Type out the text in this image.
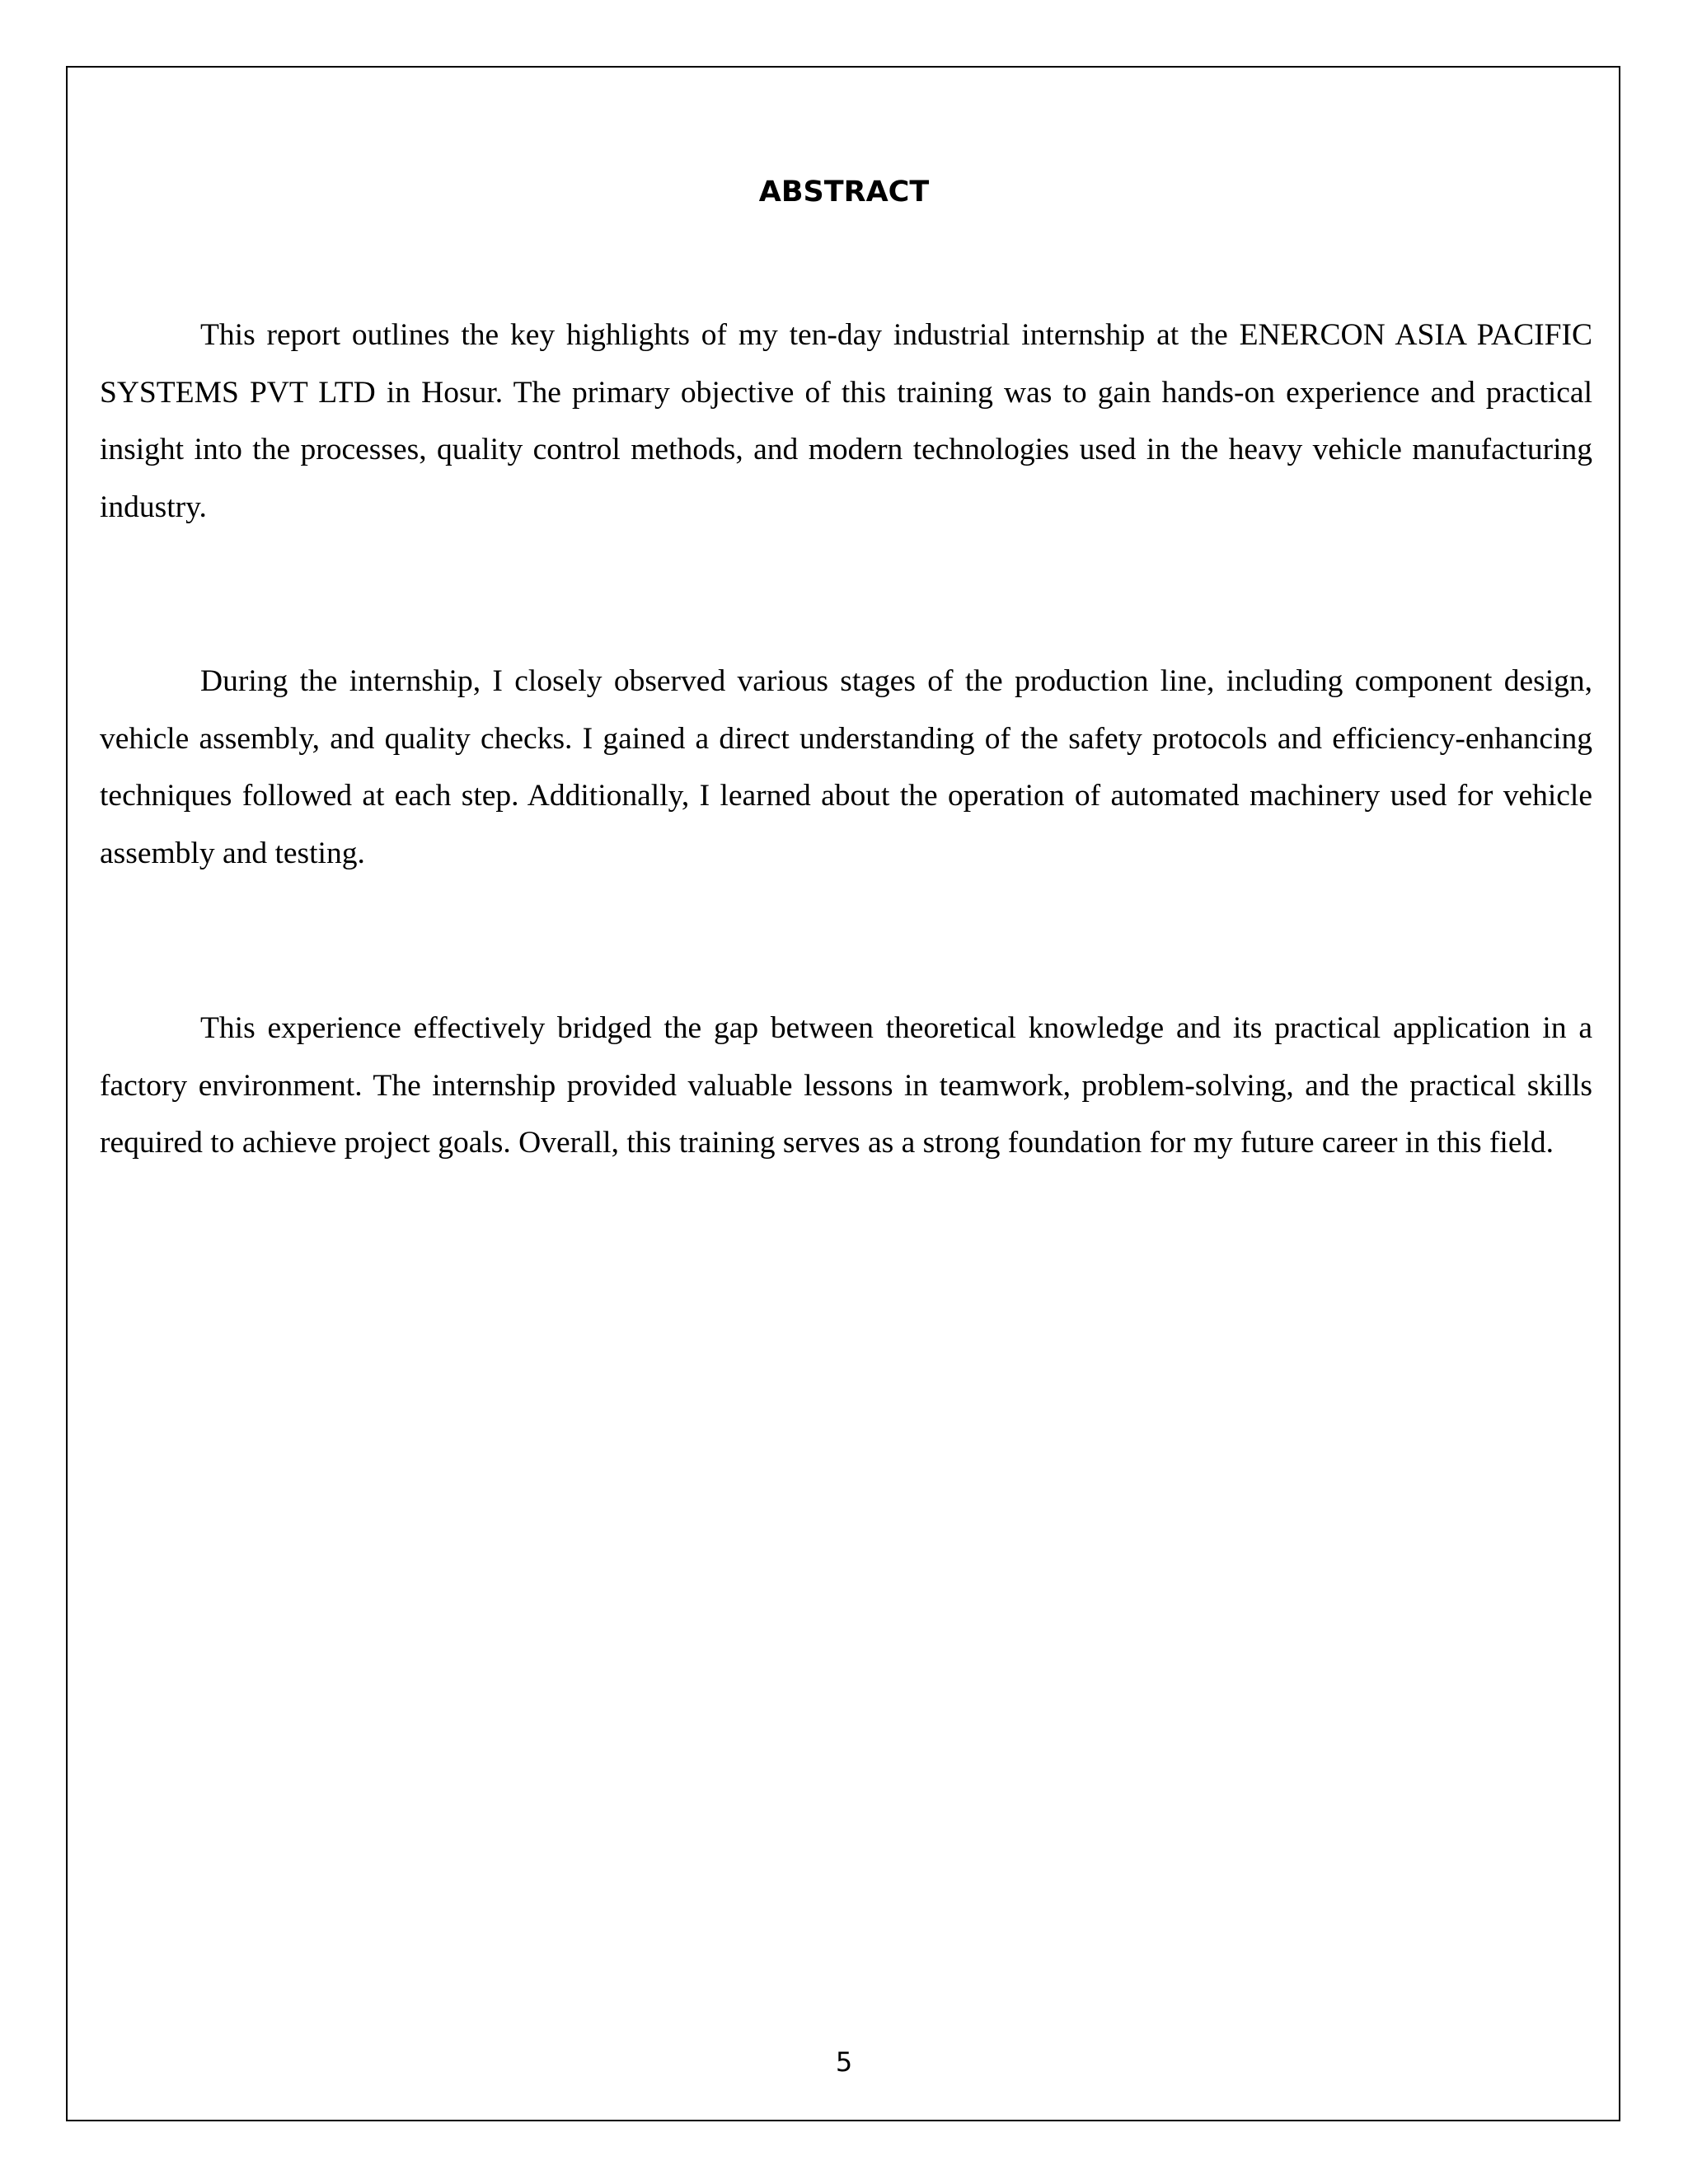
ABSTRACT

This report outlines the key highlights of my ten-day industrial internship at the ENERCON ASIA PACIFIC SYSTEMS PVT LTD in Hosur. The primary objective of this training was to gain hands-on experience and practical insight into the processes, quality control methods, and modern technologies used in the heavy vehicle manufacturing industry.

During the internship, I closely observed various stages of the production line, including component design, vehicle assembly, and quality checks. I gained a direct understanding of the safety protocols and efficiency-enhancing techniques followed at each step. Additionally, I learned about the operation of automated machinery used for vehicle assembly and testing.

This experience effectively bridged the gap between theoretical knowledge and its practical application in a factory environment. The internship provided valuable lessons in teamwork, problem-solving, and the practical skills required to achieve project goals. Overall, this training serves as a strong foundation for my future career in this field.

5
